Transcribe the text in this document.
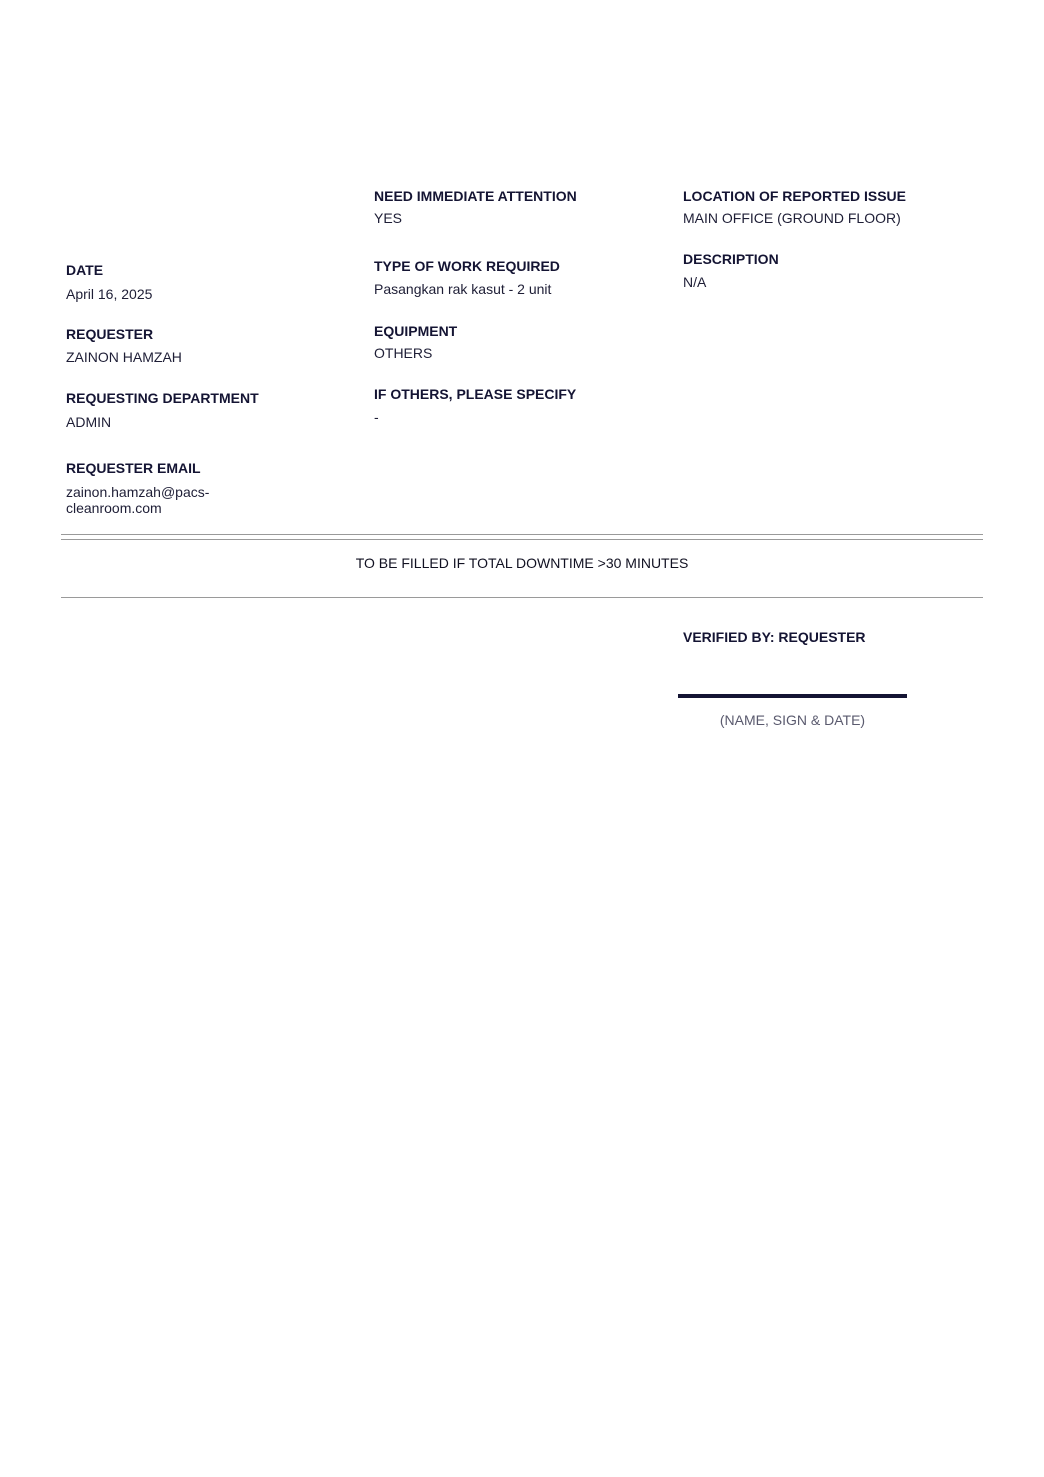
DATE
April 16, 2025
REQUESTER
ZAINON HAMZAH
REQUESTING DEPARTMENT
ADMIN
REQUESTER EMAIL
zainon.hamzah@pacs-
cleanroom.com
NEED IMMEDIATE ATTENTION
YES
TYPE OF WORK REQUIRED
Pasangkan rak kasut - 2 unit
EQUIPMENT
OTHERS
IF OTHERS, PLEASE SPECIFY
-
LOCATION OF REPORTED ISSUE
MAIN OFFICE (GROUND FLOOR)
DESCRIPTION
N/A
TO BE FILLED IF TOTAL DOWNTIME >30 MINUTES
VERIFIED BY: REQUESTER
(NAME, SIGN & DATE)
